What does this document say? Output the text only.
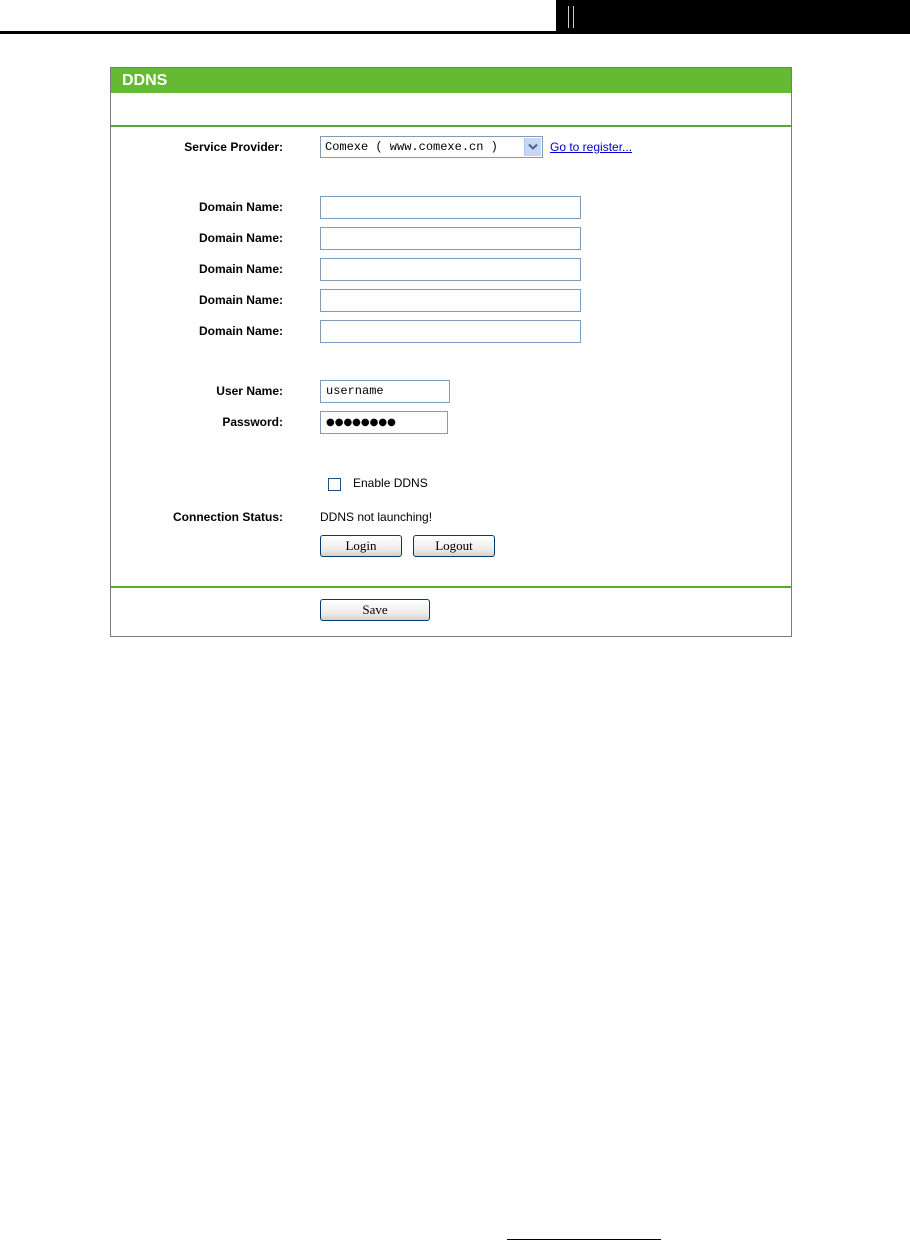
DDNS
Service Provider:	Comexe ( www.comexe.cn )	Go to register...
Domain Name:
Domain Name:
Domain Name:
Domain Name:
Domain Name:
User Name:	username
Password:	●●●●●●●●
Enable DDNS
Connection Status:	DDNS not launching!
Login	Logout
Save
